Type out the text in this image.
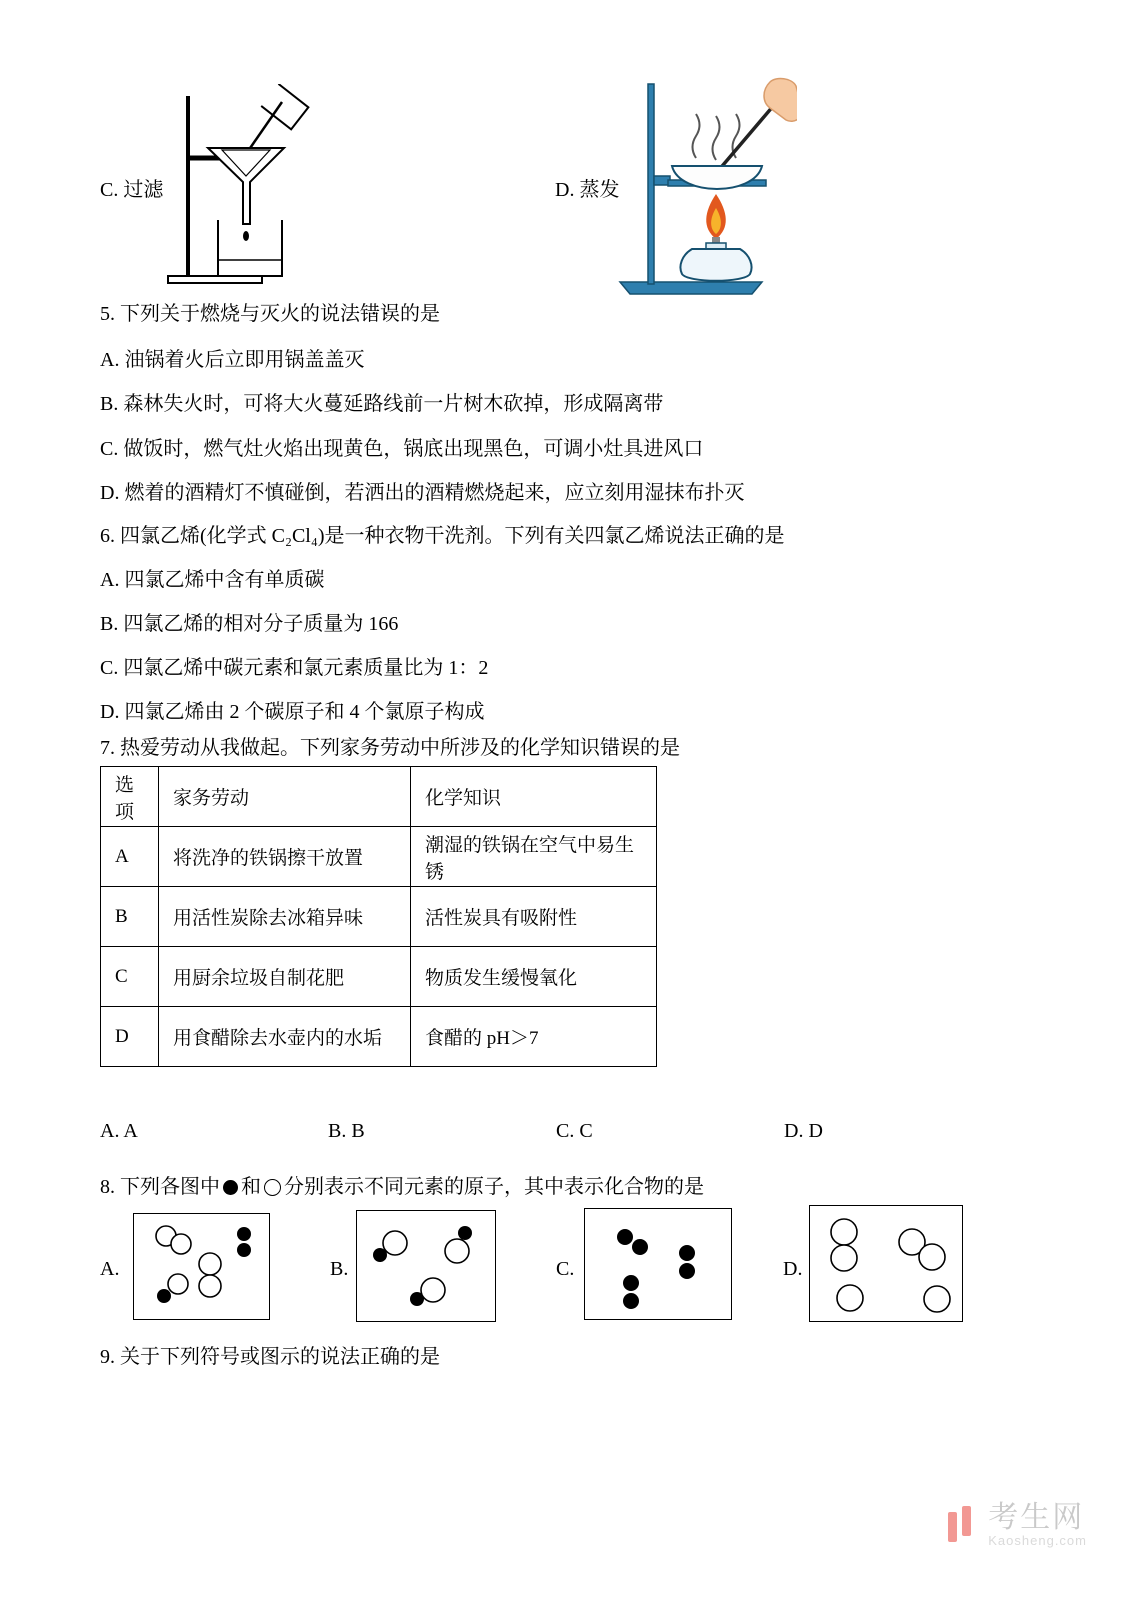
C. 过滤	D. 蒸发
5. 下列关于燃烧与灭火的说法错误 •   •的是
A. 油锅着火后立即用锅盖盖灭
B. 森林失火时，可将大火蔓延路线前一片树木砍掉，形成隔离带
C. 做饭时，燃气灶火焰出现黄色，锅底出现黑色，可调小灶具进风口
D. 燃着的酒精灯不慎碰倒，若洒出的酒精燃烧起来，应立刻用湿抹布扑灭
6. 四氯乙烯(化学式 C₂Cl₄)是一种衣物干洗剂。下列有关四氯乙烯说法正确的是
A. 四氯乙烯中含有单质碳
B. 四氯乙烯的相对分子质量为 166
C. 四氯乙烯中碳元素和氯元素质量比为 1：2
D. 四氯乙烯由 2 个碳原子和 4 个氯原子构成
7. 热爱劳动从我做起。下列家务劳动中所涉及的化学知识错误 •   •的是
选项	家务劳动	化学知识
A	将洗净的铁锅擦干放置	潮湿的铁锅在空气中易生锈
B	用活性炭除去冰箱异味	活性炭具有吸附性
C	用厨余垃圾自制花肥	物质发生缓慢氧化
D	用食醋除去水壶内的水垢	食醋的 pH＞7
A. A	B. B	C. C	D. D
8. 下列各图中 和 分别表示不同元素的原子，其中表示化合物的是
A.	B.	C.	D.
9. 关于下列符号或图示的说法正确的是
考生网
Kaosheng.com
